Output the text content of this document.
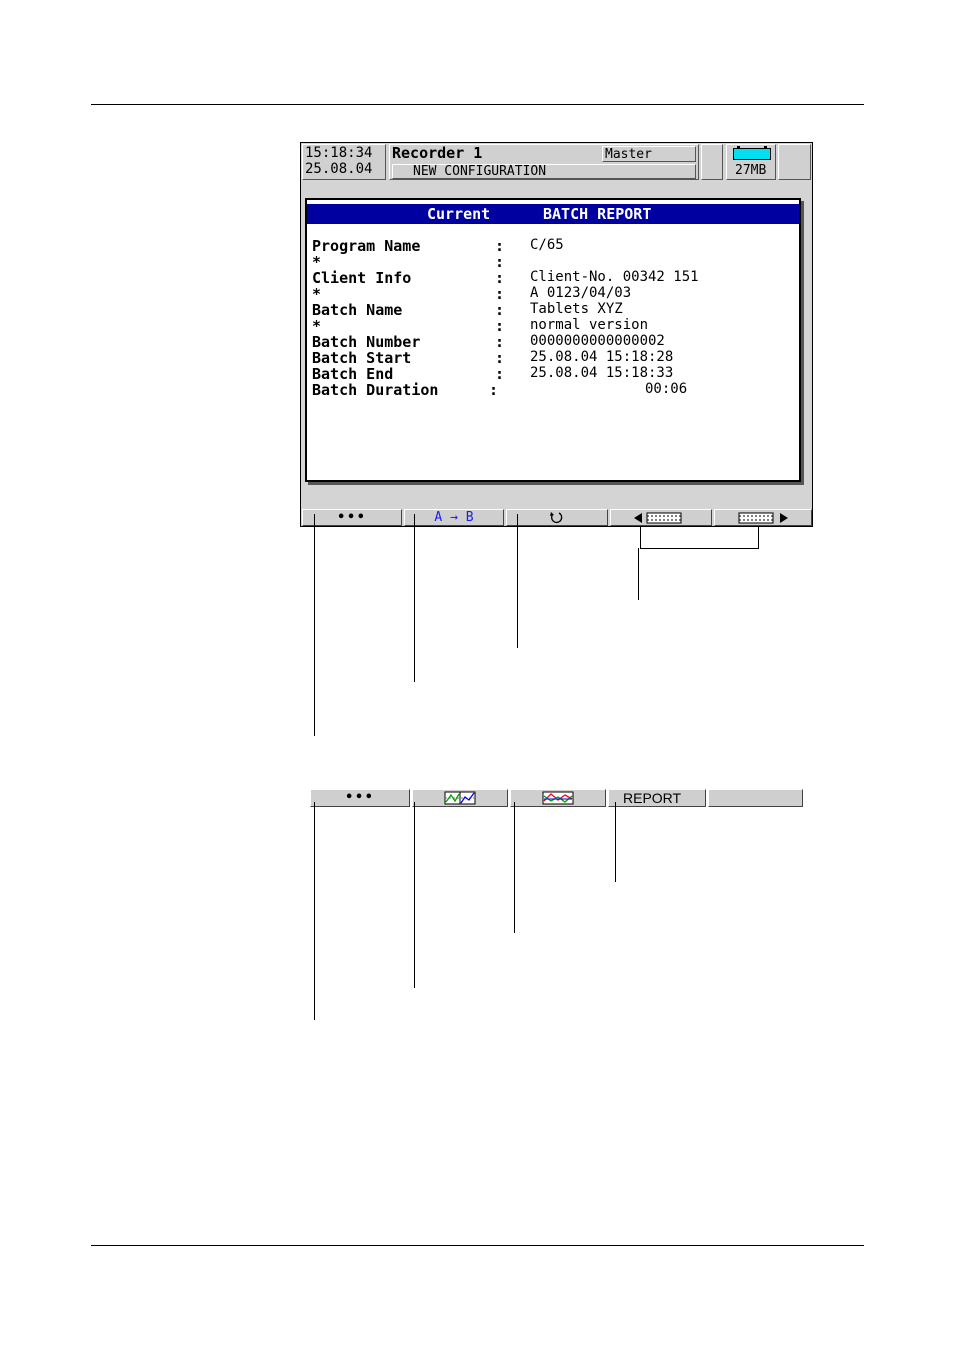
15:18:34
25.08.04
Recorder 1	Master
NEW CONFIGURATION	27MB
Current	BATCH REPORT
Program Name	: C/65
*	:
Client Info	: Client-No. 00342 151
*	: A 0123/04/03
Batch Name	: Tablets XYZ
*	: normal version
Batch Number	: 0000000000000002
Batch Start	: 25.08.04 15:18:28
Batch End	: 25.08.04 15:18:33
Batch Duration	:	00:06
•••	A → B
•••	REPORT
